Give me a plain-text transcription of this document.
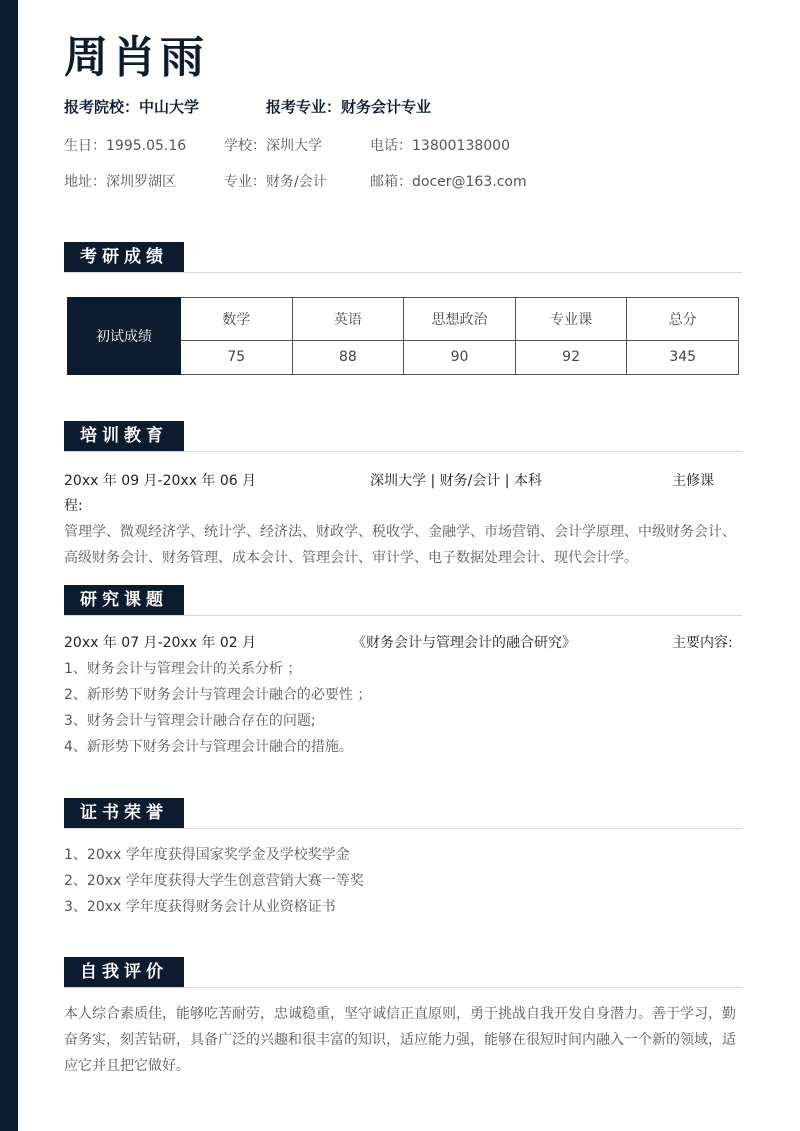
周肖雨
报考院校：中山大学	报考专业：财务会计专业
生日：1995.05.16	学校：深圳大学	电话：13800138000
地址：深圳罗湖区	专业：财务/会计	邮箱：docer@163.com
考研成绩
初试成绩	数学	英语	思想政治	专业课	总分
	75	88	90	92	345
培训教育
20xx 年 09 月-20xx 年 06 月	深圳大学 | 财务/会计 | 本科	主修课
程:
管理学、微观经济学、统计学、经济法、财政学、税收学、金融学、市场营销、会计学原理、中级财务会计、高级财务会计、财务管理、成本会计、管理会计、审计学、电子数据处理会计、现代会计学。
研究课题
20xx 年 07 月-20xx 年 02 月	《财务会计与管理会计的融合研究》	主要内容:
1、财务会计与管理会计的关系分析 ；
2、新形势下财务会计与管理会计融合的必要性 ；
3、财务会计与管理会计融合存在的问题;
4、新形势下财务会计与管理会计融合的措施。
证书荣誉
1、20xx 学年度获得国家奖学金及学校奖学金
2、20xx 学年度获得大学生创意营销大赛一等奖
3、20xx 学年度获得财务会计从业资格证书
自我评价
本人综合素质佳，能够吃苦耐劳，忠诚稳重，坚守诚信正直原则，勇于挑战自我开发自身潜力。善于学习，勤奋务实，刻苦钻研，具备广泛的兴趣和很丰富的知识，适应能力强，能够在很短时间内融入一个新的领域，适应它并且把它做好。
